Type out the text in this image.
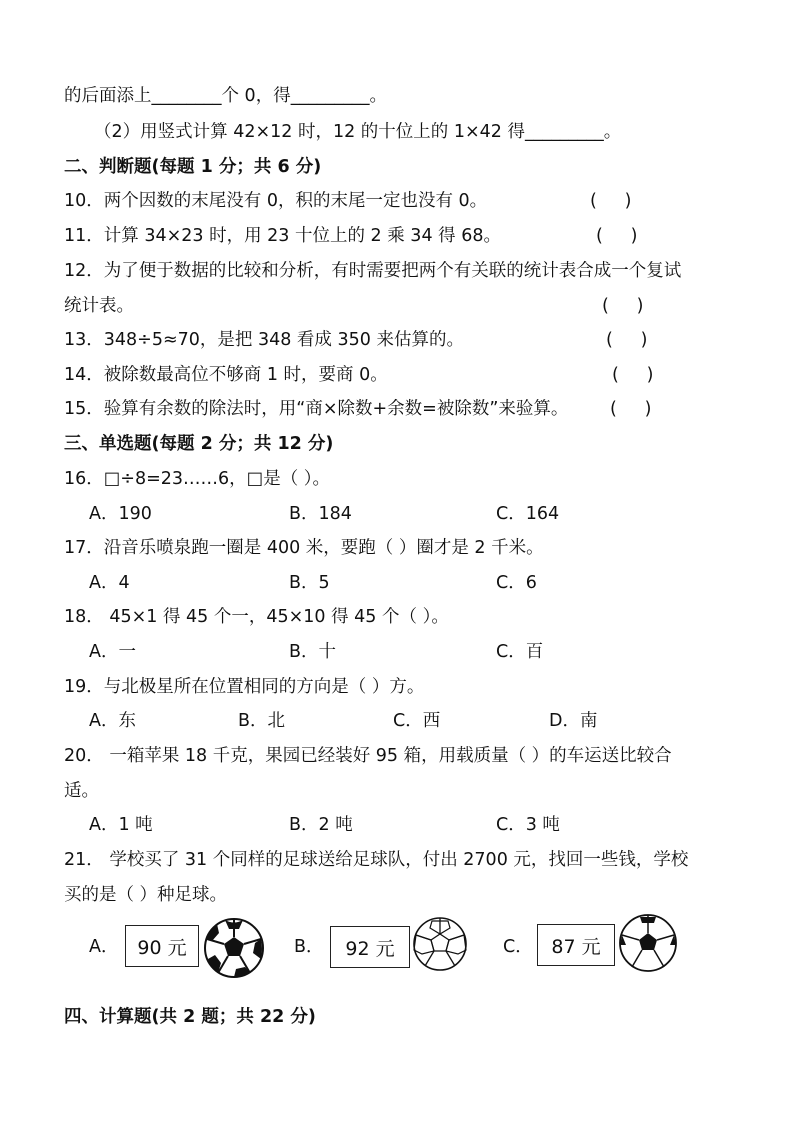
的后面添上________个 0，得_________。
（2）用竖式计算 42×12 时，12 的十位上的 1×42 得_________。
二、判断题(每题 1 分；共 6 分)
10．两个因数的末尾没有 0，积的末尾一定也没有 0。	(     )
11．计算 34×23 时，用 23 十位上的 2 乘 34 得 68。	(     )
12．为了便于数据的比较和分析，有时需要把两个有关联的统计表合成一个复试
统计表。	(     )
13．348÷5≈70，是把 348 看成 350 来估算的。	(     )
14．被除数最高位不够商 1 时，要商 0。	(     )
15．验算有余数的除法时，用“商×除数+余数=被除数”来验算。 (     )
三、单选题(每题 2 分；共 12 分)
16．□÷8=23……6，□是（ ）。
A．190	B．184	C．164
17．沿音乐喷泉跑一圈是 400 米，要跑（ ）圈才是 2 千米。
A．4	B．5	C．6
18． 45×1 得 45 个一，45×10 得 45 个（ ）。
A．一	B．十	C．百
19．与北极星所在位置相同的方向是（ ）方。
A．东	B．北	C．西	D．南
20． 一箱苹果 18 千克，果园已经装好 95 箱，用载质量（ ）的车运送比较合
适。
A．1 吨	B．2 吨	C．3 吨
21． 学校买了 31 个同样的足球送给足球队，付出 2700 元，找回一些钱，学校
买的是（ ）种足球。
A． 90 元	B．	92 元	C． 87 元
四、计算题(共 2 题；共 22 分)
